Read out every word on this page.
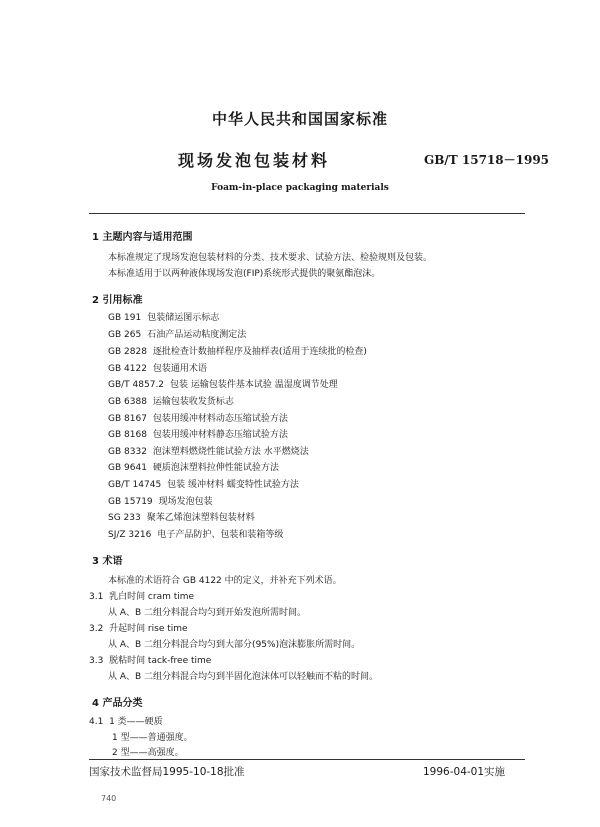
中华人民共和国国家标准
现场发泡包装材料	GB/T 15718－1995
Foam-in-place packaging materials
1 主题内容与适用范围
本标准规定了现场发泡包装材料的分类、技术要求、试验方法、检验规则及包装。
本标准适用于以两种液体现场发泡(FIP)系统形式提供的聚氨酯泡沫。
2 引用标准
GB 191 包装储运图示标志
GB 265 石油产品运动粘度测定法
GB 2828 逐批检查计数抽样程序及抽样表(适用于连续批的检查)
GB 4122 包装通用术语
GB/T 4857.2 包装 运输包装件基本试验 温湿度调节处理
GB 6388 运输包装收发货标志
GB 8167 包装用缓冲材料动态压缩试验方法
GB 8168 包装用缓冲材料静态压缩试验方法
GB 8332 泡沫塑料燃烧性能试验方法 水平燃烧法
GB 9641 硬质泡沫塑料拉伸性能试验方法
GB/T 14745 包装 缓冲材料 蠕变特性试验方法
GB 15719 现场发泡包装
SG 233 聚苯乙烯泡沫塑料包装材料
SJ/Z 3216 电子产品防护、包装和装箱等级
3 术语
本标准的术语符合 GB 4122 中的定义，并补充下列术语。
3.1 乳白时间 cram time
从 A、B 二组分料混合均匀到开始发泡所需时间。
3.2 升起时间 rise time
从 A、B 二组分料混合均匀到大部分(95%)泡沫膨胀所需时间。
3.3 脱粘时间 tack-free time
从 A、B 二组分料混合均匀到半固化泡沫体可以轻触而不粘的时间。
4 产品分类
4.1 1 类——硬质
1 型——普通强度。
2 型——高强度。
国家技术监督局1995-10-18批准	1996-04-01实施
740
